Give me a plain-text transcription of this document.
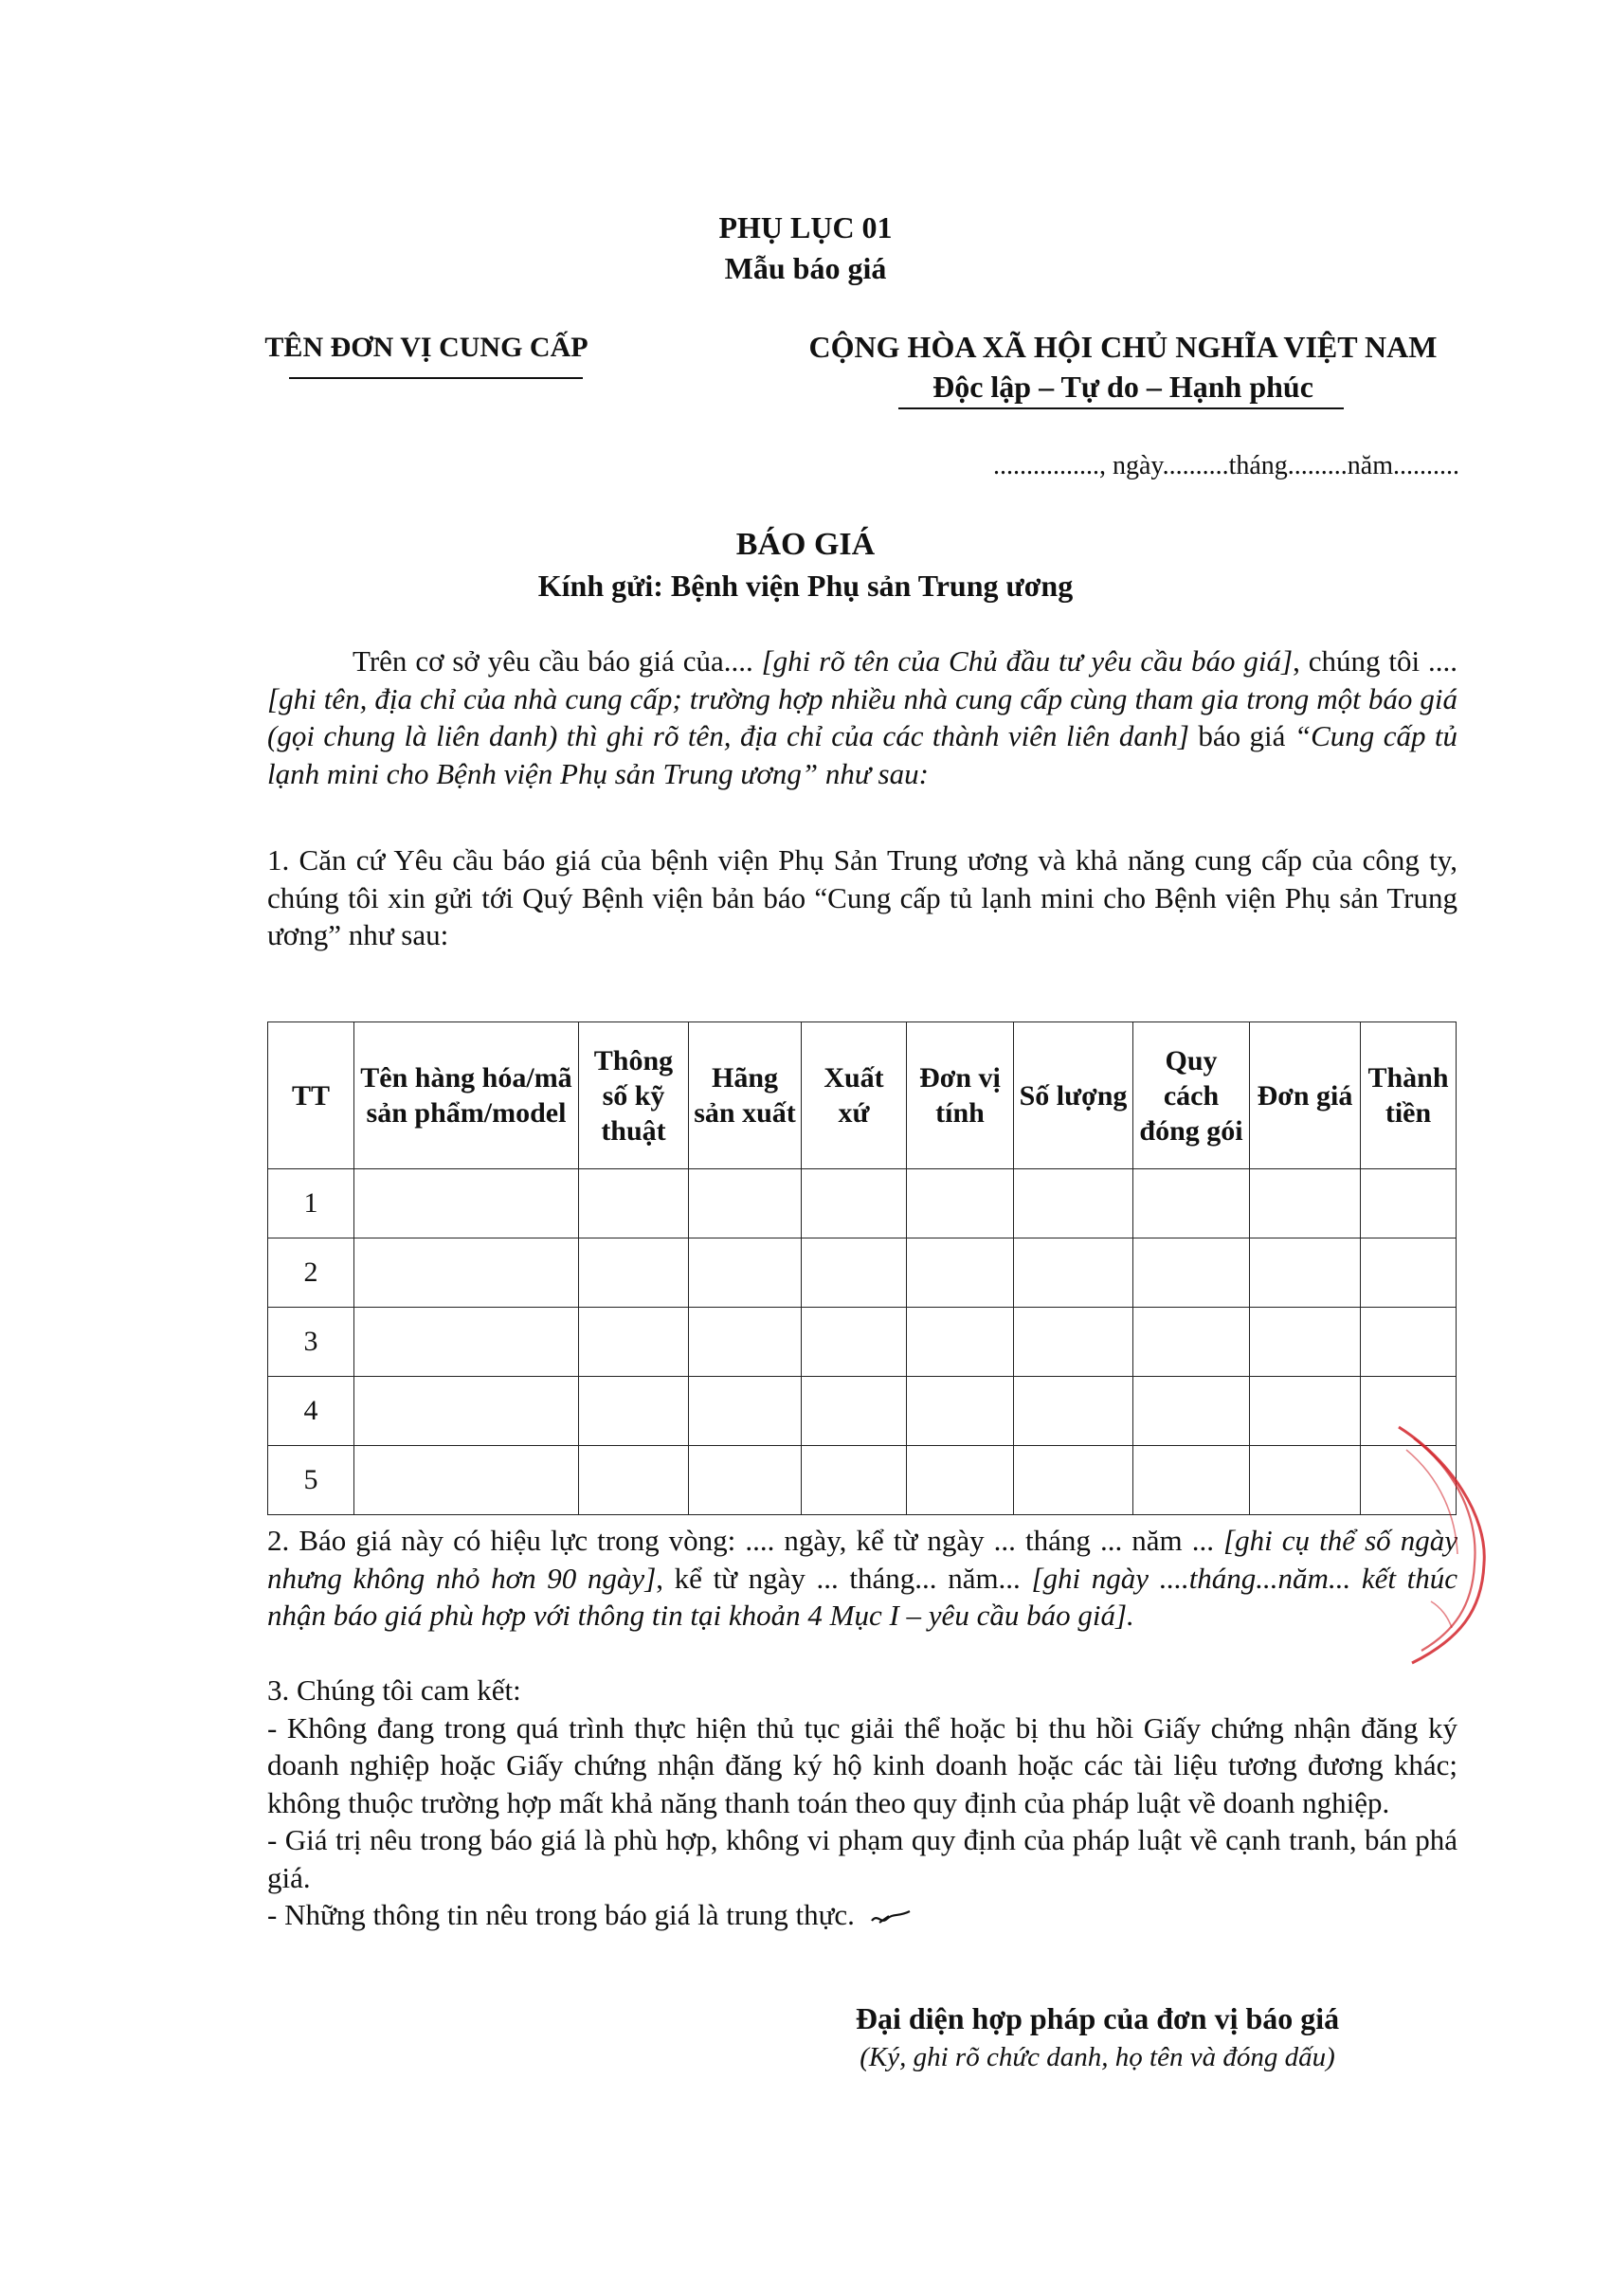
PHỤ LỤC 01
Mẫu báo giá
TÊN ĐƠN VỊ CUNG CẤP	CỘNG HÒA XÃ HỘI CHỦ NGHĨA VIỆT NAM
Độc lập – Tự do – Hạnh phúc
................, ngày..........tháng.........năm..........
BÁO GIÁ
Kính gửi: Bệnh viện Phụ sản Trung ương
Trên cơ sở yêu cầu báo giá của.... [ghi rõ tên của Chủ đầu tư yêu cầu báo giá], chúng tôi .... [ghi tên, địa chỉ của nhà cung cấp; trường hợp nhiều nhà cung cấp cùng tham gia trong một báo giá (gọi chung là liên danh) thì ghi rõ tên, địa chỉ của các thành viên liên danh] báo giá “Cung cấp tủ lạnh mini cho Bệnh viện Phụ sản Trung ương” như sau:
1. Căn cứ Yêu cầu báo giá của bệnh viện Phụ Sản Trung ương và khả năng cung cấp của công ty, chúng tôi xin gửi tới Quý Bệnh viện bản báo “Cung cấp tủ lạnh mini cho Bệnh viện Phụ sản Trung ương” như sau:
TT	Tên hàng hóa/mã sản phẩm/model	Thông số kỹ thuật	Hãng sản xuất	Xuất xứ	Đơn vị tính	Số lượng	Quy cách đóng gói	Đơn giá	Thành tiền
1									
2									
3									
4									
5									
2. Báo giá này có hiệu lực trong vòng: .... ngày, kể từ ngày ... tháng ... năm ... [ghi cụ thể số ngày nhưng không nhỏ hơn 90 ngày], kể từ ngày ... tháng... năm... [ghi ngày ....tháng...năm... kết thúc nhận báo giá phù hợp với thông tin tại khoản 4 Mục I – yêu cầu báo giá].
3. Chúng tôi cam kết:
- Không đang trong quá trình thực hiện thủ tục giải thể hoặc bị thu hồi Giấy chứng nhận đăng ký doanh nghiệp hoặc Giấy chứng nhận đăng ký hộ kinh doanh hoặc các tài liệu tương đương khác; không thuộc trường hợp mất khả năng thanh toán theo quy định của pháp luật về doanh nghiệp.
- Giá trị nêu trong báo giá là phù hợp, không vi phạm quy định của pháp luật về cạnh tranh, bán phá giá.
- Những thông tin nêu trong báo giá là trung thực.
Đại diện hợp pháp của đơn vị báo giá
(Ký, ghi rõ chức danh, họ tên và đóng dấu)
